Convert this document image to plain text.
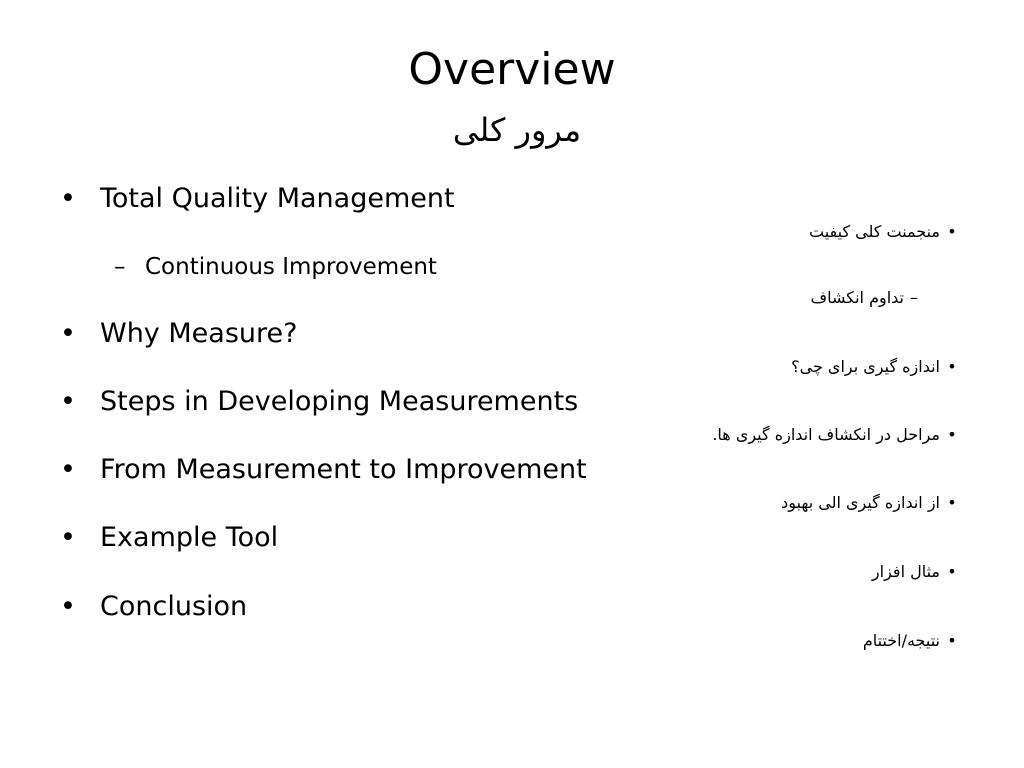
Overview
مرور کلی
• Total Quality Management
– Continuous Improvement
• Why Measure?
• Steps in Developing Measurements
• From Measurement to Improvement
• Example Tool
• Conclusion
•منجمنت کلی کیفیت
–تداوم انکشاف
•اندازه گیری برای چی؟
•مراحل در انکشاف اندازه گیری ها.
•از اندازه گیری الی بهبود
•مثال افزار
•نتیجه/اختتام
